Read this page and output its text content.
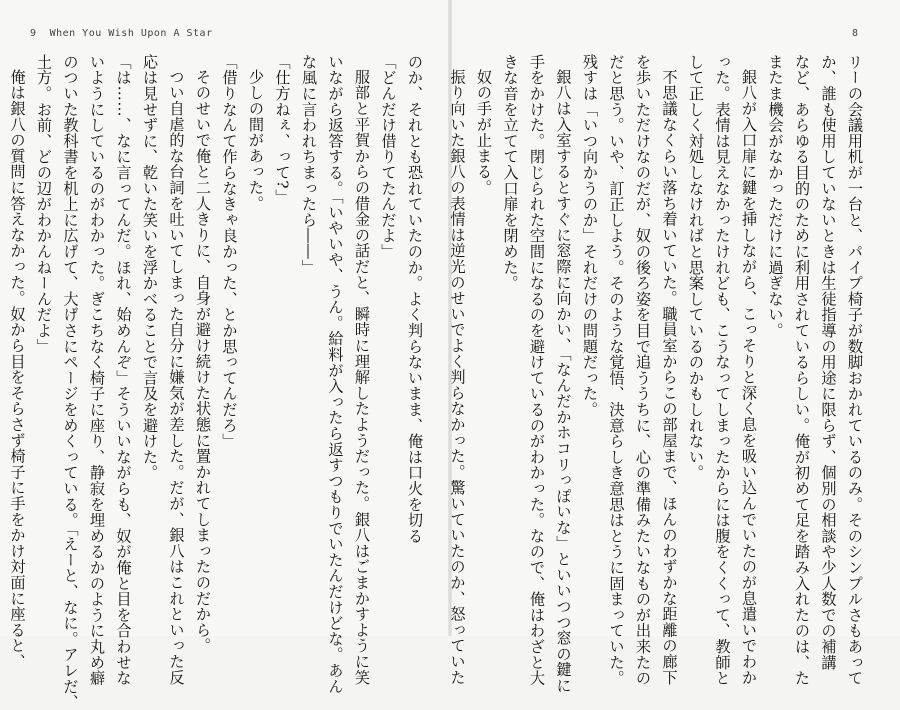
9 When You Wish Upon A Star	8
リーの会議用机が一台と、パイプ椅子が数脚おかれているのみ。そのシンプルさもあって
か、誰も使用していないときは生徒指導の用途に限らず、個別の相談や少人数での補講
など、あらゆる目的のために利用されているらしい。俺が初めて足を踏み入れたのは、た
またま機会がなかっただけに過ぎない。
銀八が入口扉に鍵を挿しながら、こっそりと深く息を吸い込んでいたのが息遣いでわか
った。表情は見えなかったけれども、こうなってしまったからには腹をくくって、教師と
して正しく対処しなければと思案しているのかもしれない。
不思議なくらい落ち着いていた。職員室からこの部屋まで、ほんのわずかな距離の廊下
を歩いただけなのだが、奴の後ろ姿を目で追ううちに、心の準備みたいなものが出来たの
だと思う。いや、訂正しよう。そのような覚悟、決意らしき意思はとうに固まっていた。
残すは「いつ向かうのか」それだけの問題だった。
銀八は入室するとすぐに窓際に向かい、「なんだかホコリっぽいな」といいつつ窓の鍵に
手をかけた。閉じられた空間になるのを避けているのがわかった。なので、俺はわざと大
きな音を立てて入口扉を閉めた。
奴の手が止まる。
振り向いた銀八の表情は逆光のせいでよく判らなかった。驚いていたのか、怒っていた
のか、それとも恐れていたのか。よく判らないまま、俺は口火を切る
「どんだけ借りてたんだよ」
服部と平賀からの借金の話だと、瞬時に理解したようだった。銀八はごまかすように笑
いながら返答する。「いやいや、うん。給料が入ったら返すつもりでいたんだけどな。あん
な風に言われちまったら――」
「仕方ねぇ、って?」
少しの間があった。
「借りなんて作らなきゃ良かった、とか思ってんだろ」
そのせいで俺と二人きりに、自身が避け続けた状態に置かれてしまったのだから。
つい自虐的な台詞を吐いてしまった自分に嫌気が差した。だが、銀八はこれといった反
応は見せずに、乾いた笑いを浮かべることで言及を避けた。
「は……、なに言ってんだ。ほれ、始めんぞ」そういいながらも、奴が俺と目を合わせな
いようにしているのがわかった。ぎこちなく椅子に座り、静寂を埋めるかのように丸め癖
のついた教科書を机上に広げて、大げさにページをめくっている。「えーと、なに。アレだ、
土方。お前、どの辺がわかんねーんだよ」
俺は銀八の質問に答えなかった。奴から目をそらさず椅子に手をかけ対面に座ると、
